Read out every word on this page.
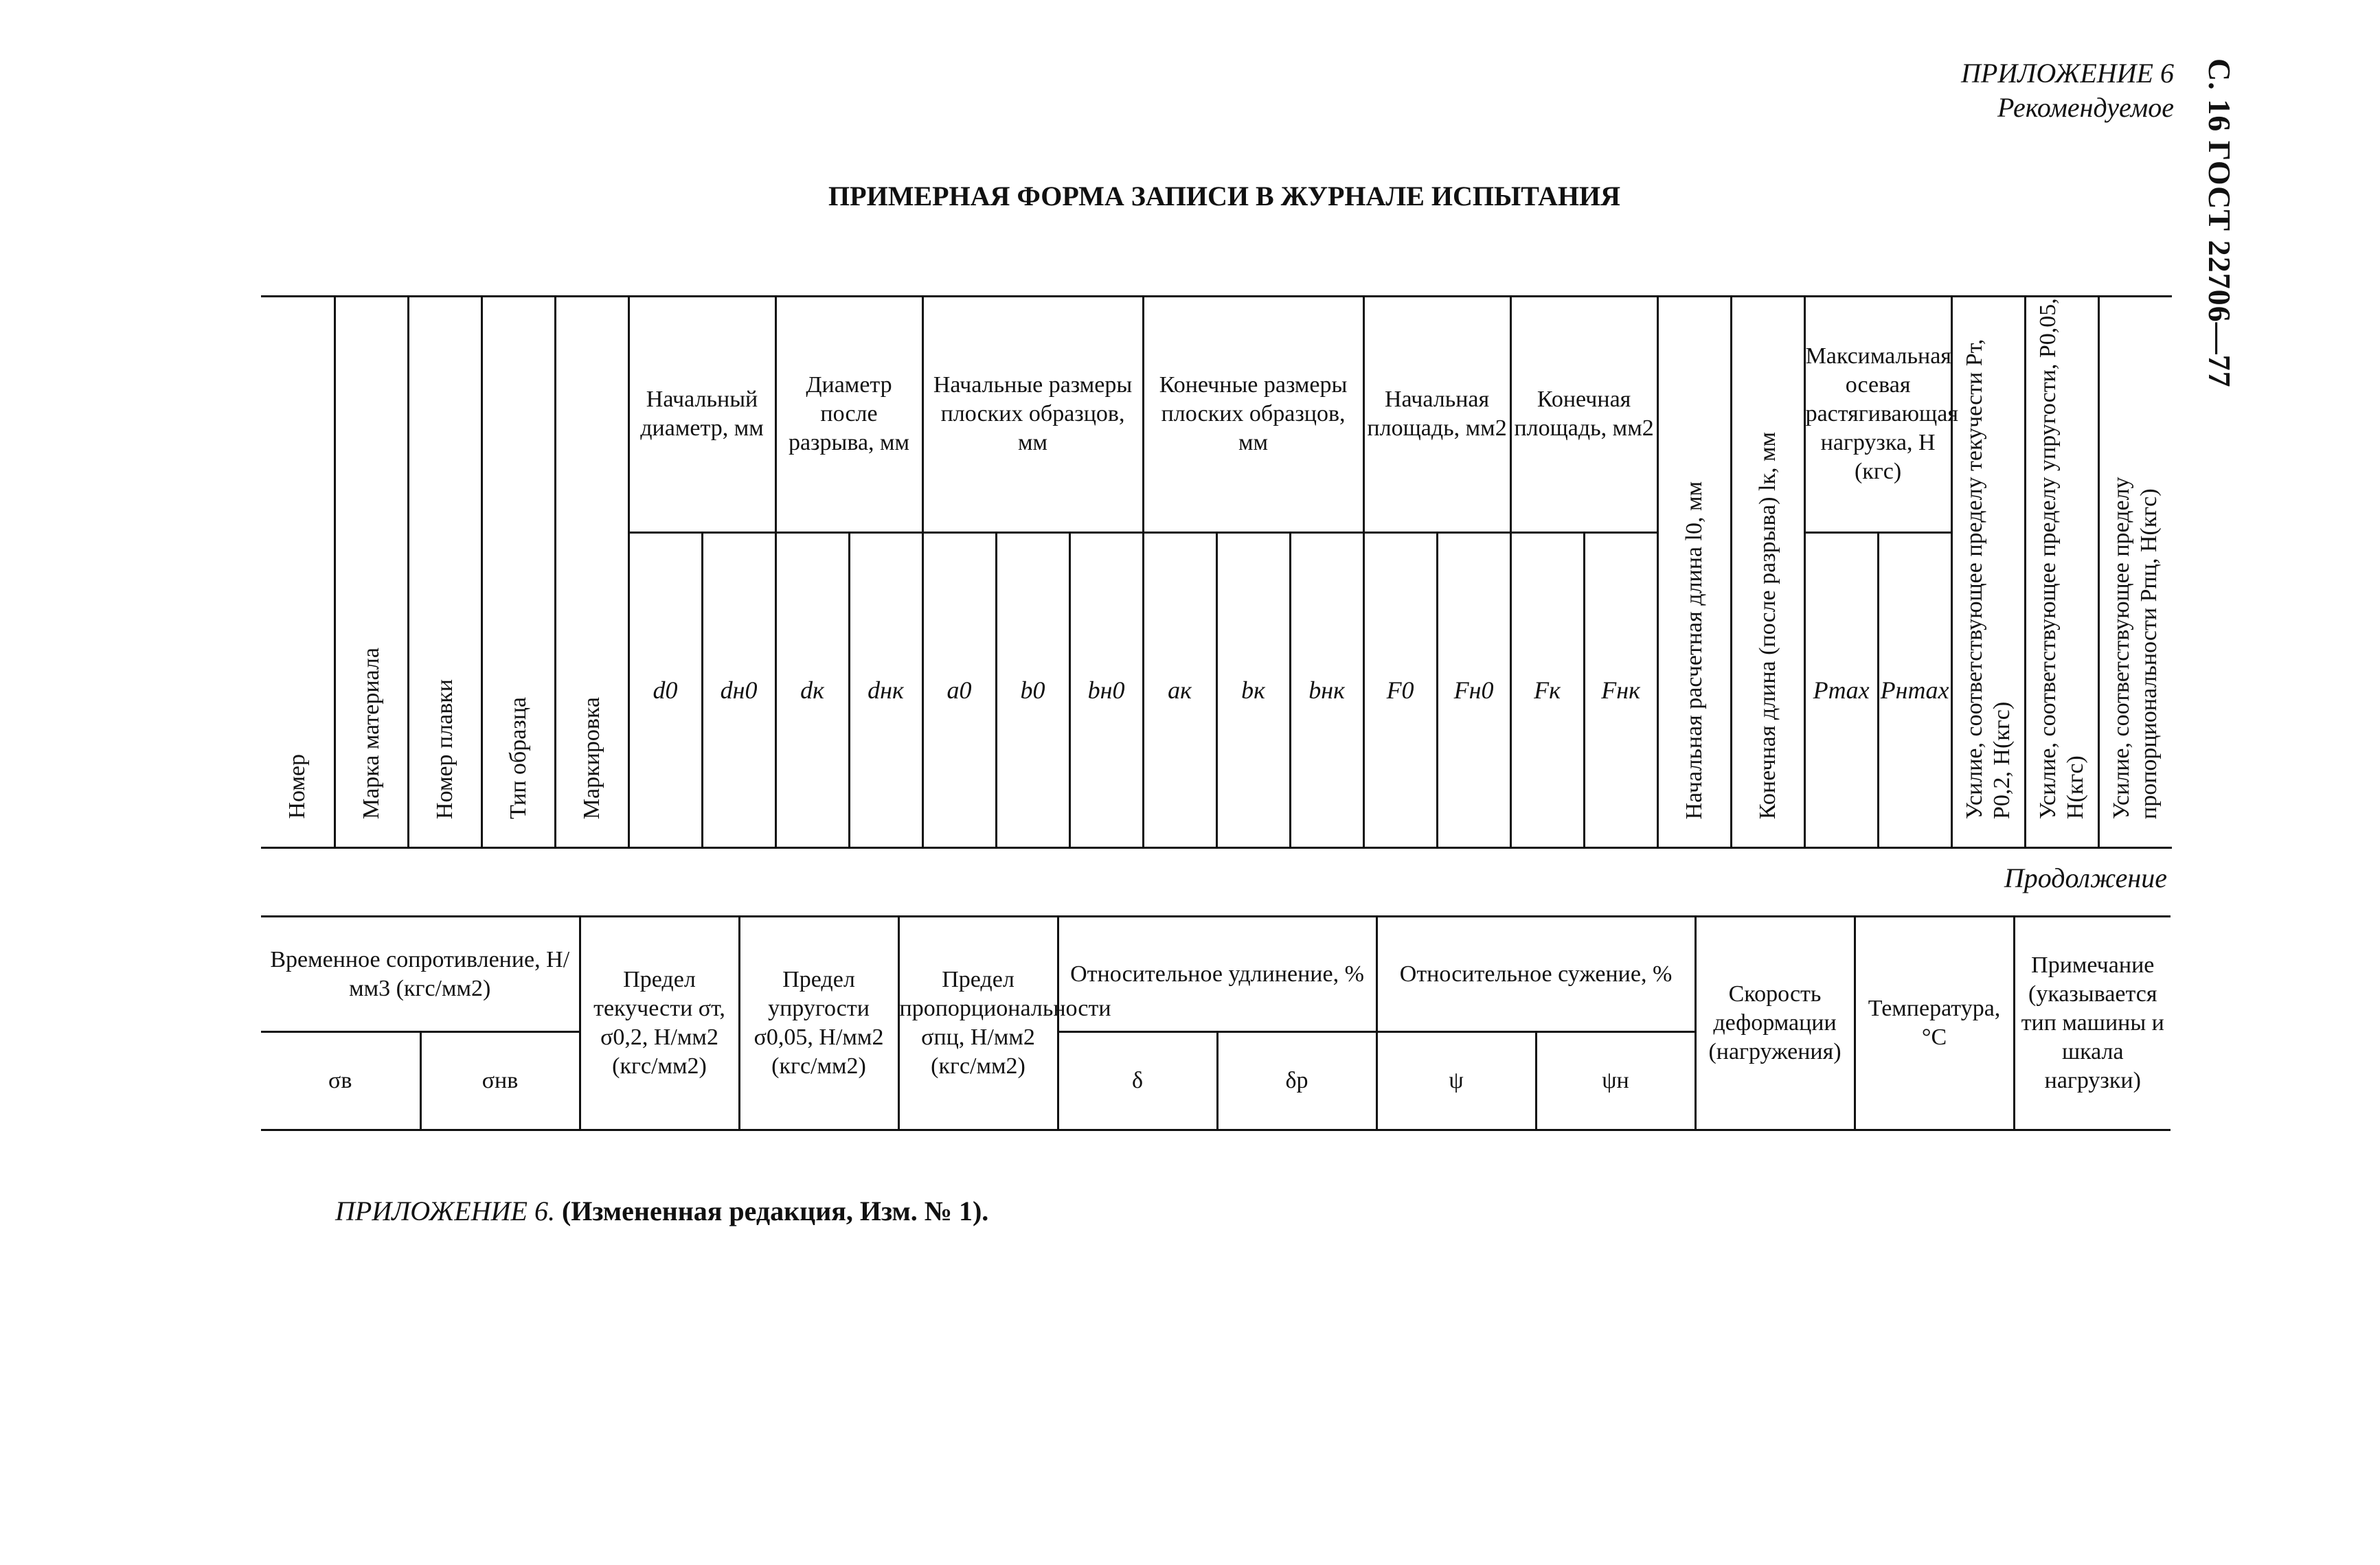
ПРИЛОЖЕНИЕ 6
Рекомендуемое С. 16 ГОСТ 22706—77
ПРИМЕРНАЯ ФОРМА ЗАПИСИ В ЖУРНАЛЕ ИСПЫТАНИЯ
Номер	Марка материала	Номер плавки	Тип образца	Маркировка	Начальный диаметр, мм		Диаметр после разрыва, мм		Начальные размеры плоских образцов, мм			Конечные размеры плоских образцов, мм			Начальная площадь, мм2		Конечная площадь, мм2		Начальная расчетная длина l0, мм	Конечная длина (после разрыва) lк, мм	Максимальная осевая растягивающая нагрузка, Н (кгс)		Усилие, соответствующее пределу текучести Pт, P0,2, Н(кгс)	Усилие, соответствующее пределу упругости, P0,05, Н(кгс)	Усилие, соответствующее пределу пропорциональности Pпц, Н(кгс)

					d0	dн0	dк	dнк	a0	b0	bн0	aк	bк	bнк	F0	Fн0	Fк	Fнк			Pmax	Pнmax			
Продолжение
Временное сопротивление, Н/мм3 (кгс/мм2)		Предел текучести σт, σ0,2, Н/мм2 (кгс/мм2)	Предел упругости σ0,05, Н/мм2 (кгс/мм2)	Предел пропорциональности σпц, Н/мм2 (кгс/мм2)	Относительное удлинение, %		Относительное сужение, %		Скорость деформации (нагружения)	Температура, °С	Примечание (указывается тип машины и шкала нагрузки)
σв	σнв				δ	δр	ψ	ψн			
ПРИЛОЖЕНИЕ 6. (Измененная редакция, Изм. № 1).
